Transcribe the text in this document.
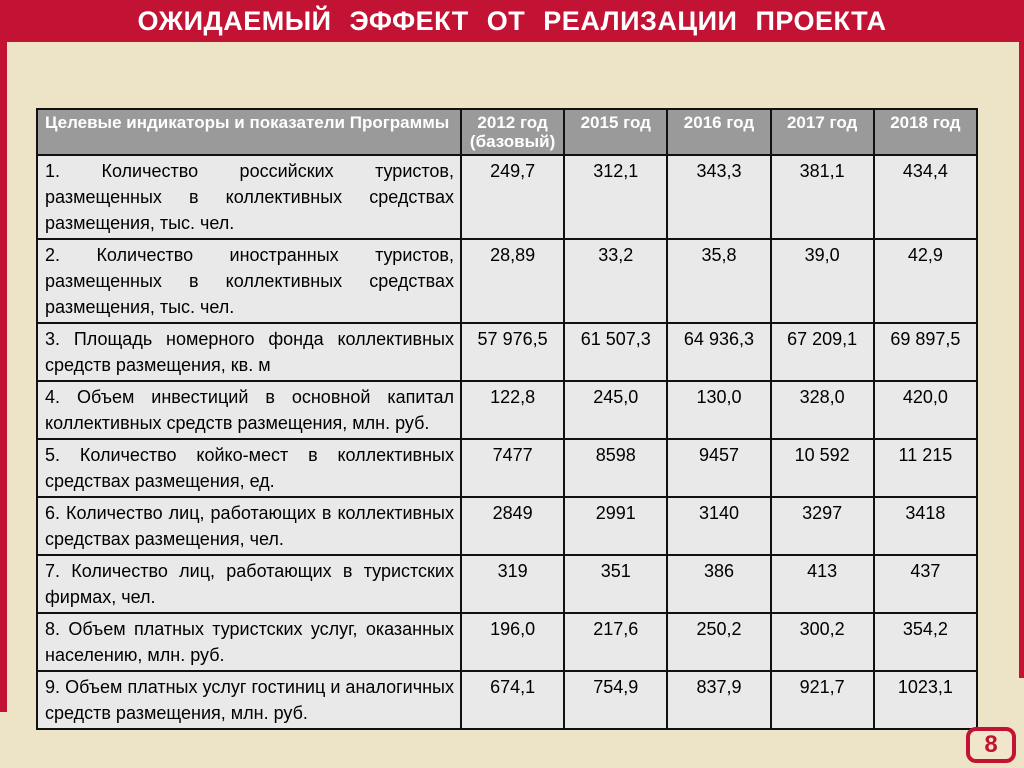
ОЖИДАЕМЫЙ ЭФФЕКТ ОТ РЕАЛИЗАЦИИ ПРОЕКТА
Целевые индикаторы и показатели Программы	2012 год (базовый)	2015 год	2016 год	2017 год	2018 год
1. Количество российских туристов, размещенных в коллективных средствах размещения, тыс. чел.	249,7	312,1	343,3	381,1	434,4
2. Количество иностранных туристов, размещенных в коллективных средствах размещения, тыс. чел.	28,89	33,2	35,8	39,0	42,9
3. Площадь номерного фонда коллективных средств размещения, кв. м	57 976,5	61 507,3	64 936,3	67 209,1	69 897,5
4. Объем инвестиций в основной капитал коллективных средств размещения, млн. руб.	122,8	245,0	130,0	328,0	420,0
5. Количество койко-мест в коллективных средствах размещения, ед.	7477	8598	9457	10 592	11 215
6. Количество лиц, работающих в коллективных средствах размещения, чел.	2849	2991	3140	3297	3418
7. Количество лиц, работающих в туристских фирмах, чел.	319	351	386	413	437
8. Объем платных туристских услуг, оказанных населению, млн. руб.	196,0	217,6	250,2	300,2	354,2
9. Объем платных услуг гостиниц и аналогичных средств размещения, млн. руб.	674,1	754,9	837,9	921,7	1023,1
8
